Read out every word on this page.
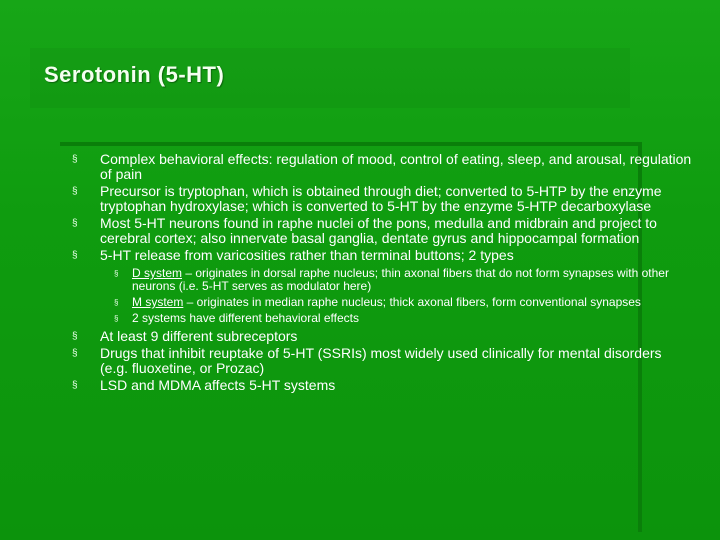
Serotonin (5-HT)
§ Complex behavioral effects: regulation of mood, control of eating, sleep, and arousal, regulation of pain
§ Precursor is tryptophan, which is obtained through diet; converted to 5-HTP by the enzyme tryptophan hydroxylase; which is converted to 5-HT by the enzyme 5-HTP decarboxylase
§ Most 5-HT neurons found in raphe nuclei of the pons, medulla and midbrain and project to cerebral cortex; also innervate basal ganglia, dentate gyrus and hippocampal formation
§ 5-HT release from varicosities rather than terminal buttons; 2 types
§ D system – originates in dorsal raphe nucleus; thin axonal fibers that do not form synapses with other neurons (i.e. 5-HT serves as modulator here)
§ M system – originates in median raphe nucleus; thick axonal fibers, form conventional synapses
§ 2 systems have different behavioral effects
§ At least 9 different subreceptors
§ Drugs that inhibit reuptake of 5-HT (SSRIs) most widely used clinically for mental disorders (e.g. fluoxetine, or Prozac)
§ LSD and MDMA affects 5-HT systems
